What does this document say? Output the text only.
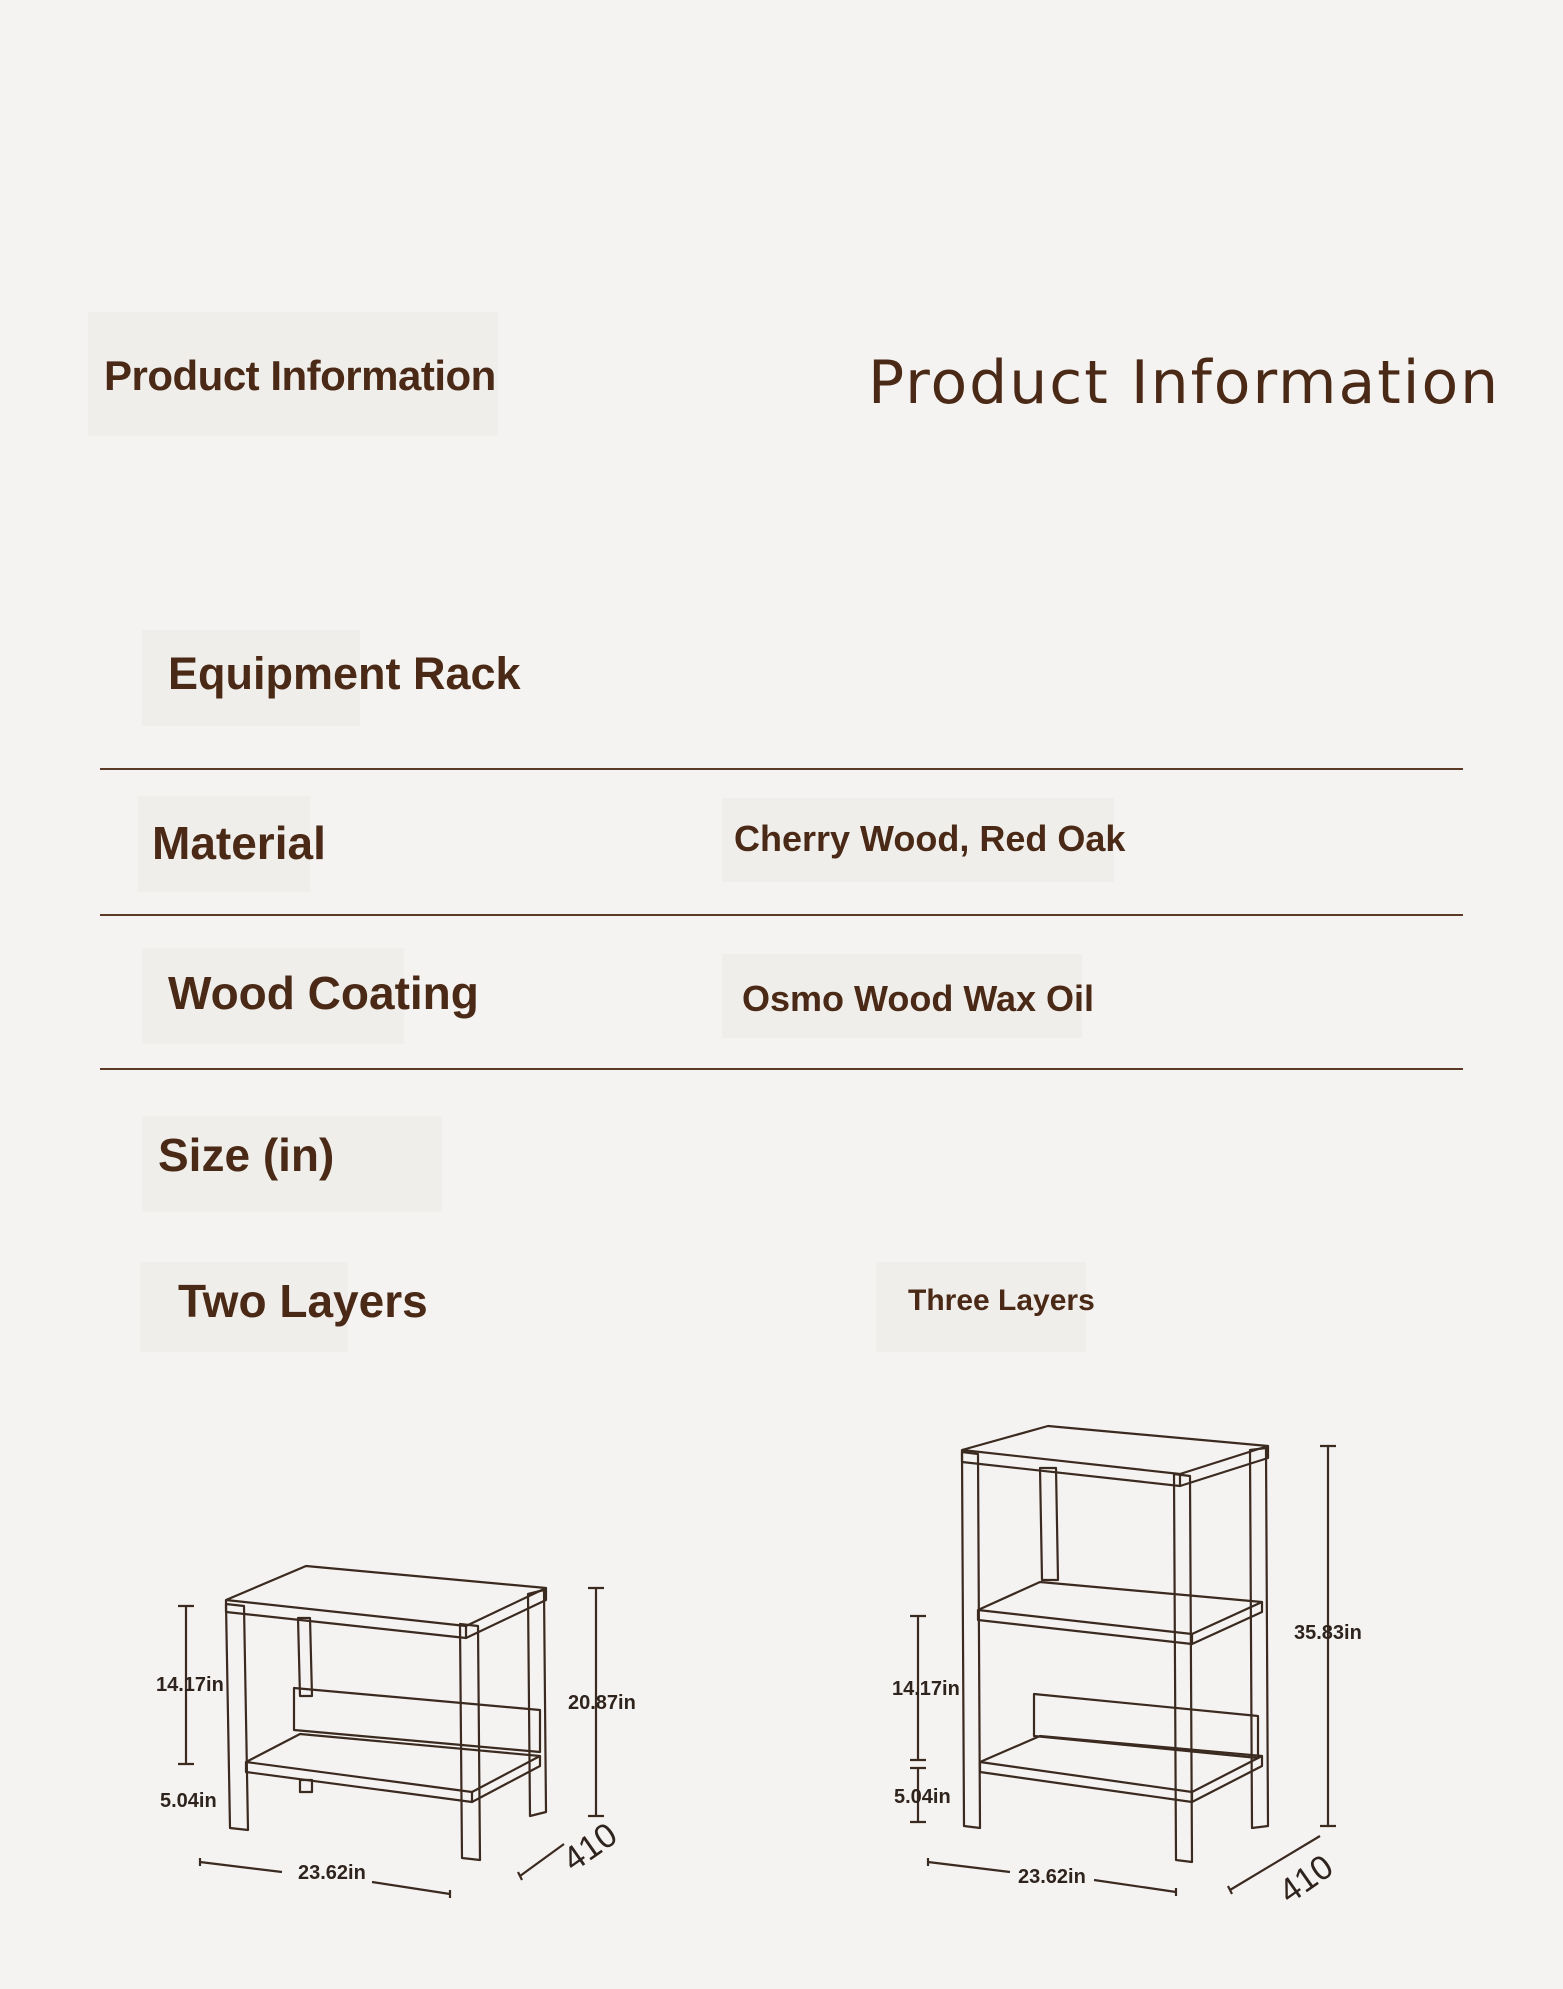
Product Information	Product Information
Equipment Rack
Material	Cherry Wood, Red Oak
Wood Coating	Osmo Wood Wax Oil
Size (in)
Two Layers	Three Layers
14.17in
5.04in
20.87in
23.62in	410
14.17in
5.04in
35.83in
23.62in	410
